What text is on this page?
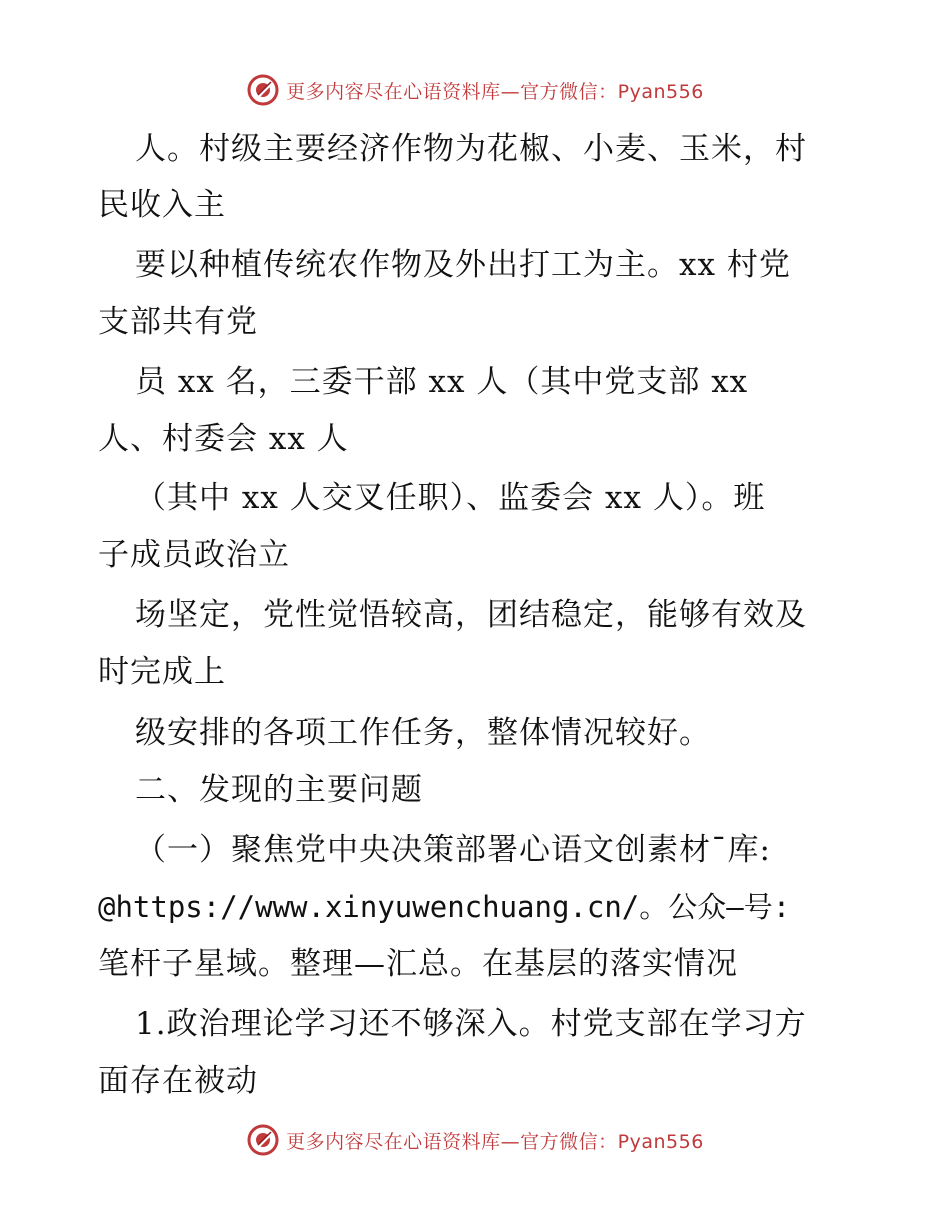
更多内容尽在心语资料库—官方微信：Pyan556
人。村级主要经济作物为花椒、小麦、玉米，村
民收入主
要以种植传统农作物及外出打工为主。xx 村党
支部共有党
员 xx 名，三委干部 xx 人（其中党支部 xx
人、村委会 xx 人
（其中 xx 人交叉任职）、监委会 xx 人）。班
子成员政治立
场坚定，党性觉悟较高，团结稳定，能够有效及
时完成上
级安排的各项工作任务，整体情况较好。
二、发现的主要问题
（一）聚焦党中央决策部署心语文创素材¯库:
@https://www.xinyuwenchuang.cn/。公众—号:
笔杆子星域。整理—汇总。在基层的落实情况
1.政治理论学习还不够深入。村党支部在学习方
面存在被动
更多内容尽在心语资料库—官方微信：Pyan556
